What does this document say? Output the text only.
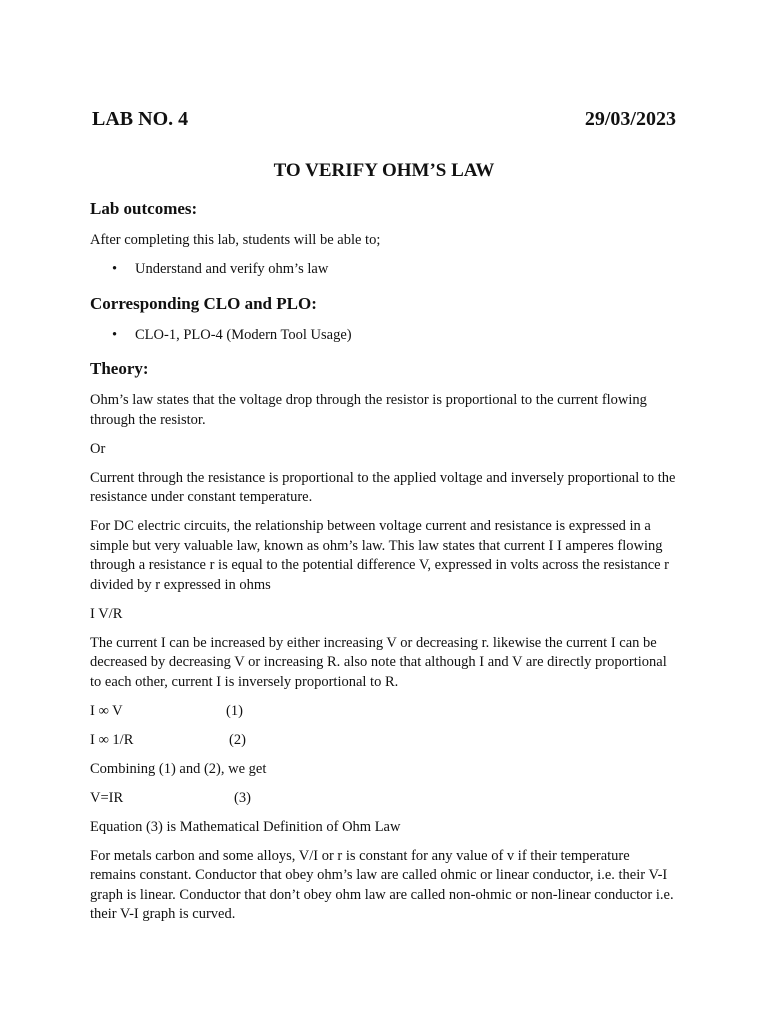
LAB NO. 4	29/03/2023
TO VERIFY OHM’S LAW
Lab outcomes:

After completing this lab, students will be able to;

• Understand and verify ohm’s law
Corresponding CLO and PLO:
• CLO-1, PLO-4 (Modern Tool Usage)
Theory:

Ohm’s law states that the voltage drop through the resistor is proportional to the current flowing through the resistor.

Or

Current through the resistance is proportional to the applied voltage and inversely proportional to the resistance under constant temperature.

For DC electric circuits, the relationship between voltage current and resistance is expressed in a simple but very valuable law, known as ohm’s law. This law states that current I I amperes flowing through a resistance r is equal to the potential difference V, expressed in volts across the resistance r divided by r expressed in ohms

I V/R

The current I can be increased by either increasing V or decreasing r. likewise the current I can be decreased by decreasing V or increasing R. also note that although I and V are directly proportional to each other, current I is inversely proportional to R.

I ∞ V	(1)

I ∞ 1/R	(2)

Combining (1) and (2), we get

V=IR	(3)

Equation (3) is Mathematical Definition of Ohm Law

For metals carbon and some alloys, V/I or r is constant for any value of v if their temperature remains constant. Conductor that obey ohm’s law are called ohmic or linear conductor, i.e. their V-I graph is linear. Conductor that don’t obey ohm law are called non-ohmic or non-linear conductor i.e. their V-I graph is curved.
